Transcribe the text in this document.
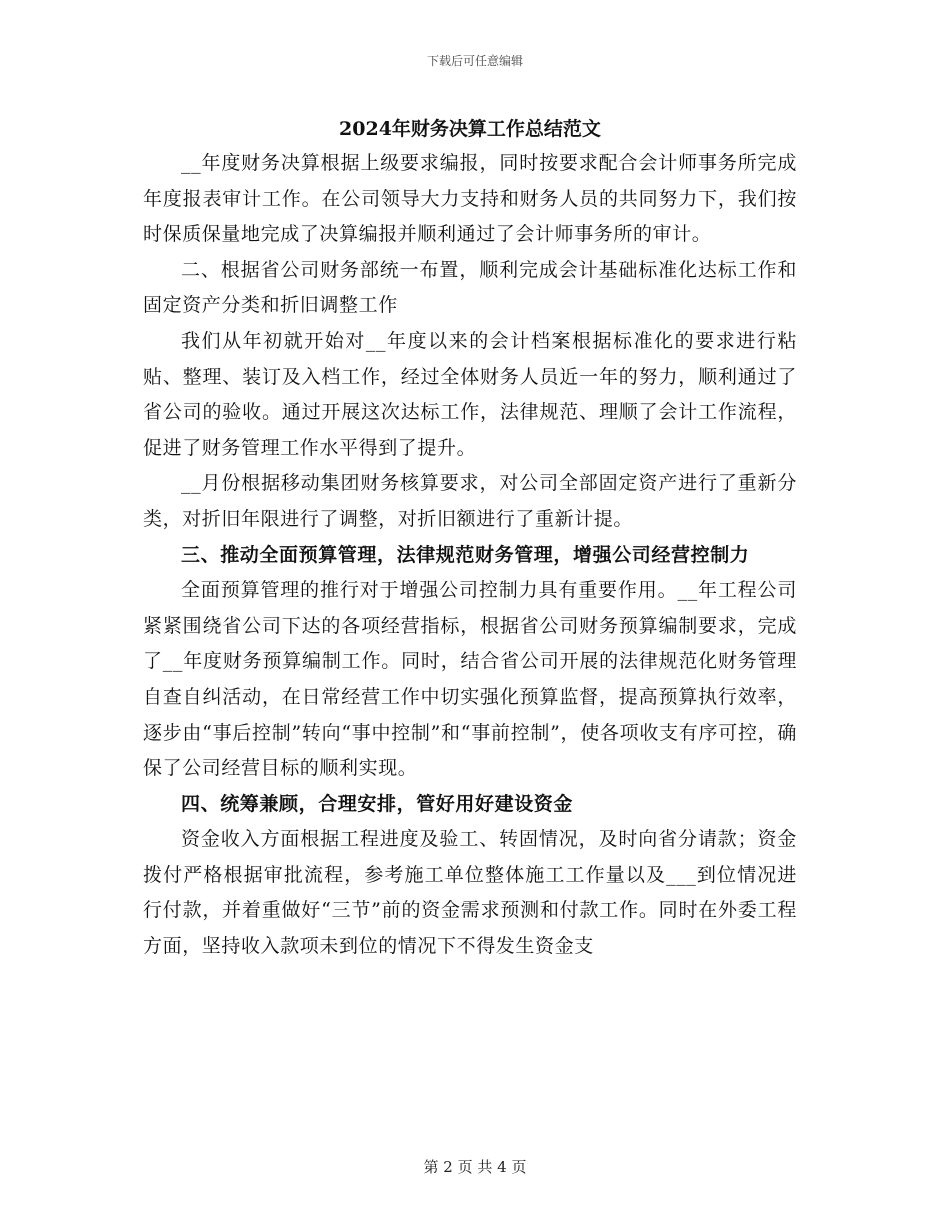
下载后可任意编辑
2024年财务决算工作总结范文

__年度财务决算根据上级要求编报，同时按要求配合会计师事务所完成年度报表审计工作。在公司领导大力支持和财务人员的共同努力下，我们按时保质保量地完成了决算编报并顺利通过了会计师事务所的审计。

二、根据省公司财务部统一布置，顺利完成会计基础标准化达标工作和固定资产分类和折旧调整工作

我们从年初就开始对__年度以来的会计档案根据标准化的要求进行粘贴、整理、装订及入档工作，经过全体财务人员近一年的努力，顺利通过了省公司的验收。通过开展这次达标工作，法律规范、理顺了会计工作流程，促进了财务管理工作水平得到了提升。

__月份根据移动集团财务核算要求，对公司全部固定资产进行了重新分类，对折旧年限进行了调整，对折旧额进行了重新计提。

三、推动全面预算管理，法律规范财务管理，增强公司经营控制力

全面预算管理的推行对于增强公司控制力具有重要作用。__年工程公司紧紧围绕省公司下达的各项经营指标，根据省公司财务预算编制要求，完成了__年度财务预算编制工作。同时，结合省公司开展的法律规范化财务管理自查自纠活动，在日常经营工作中切实强化预算监督，提高预算执行效率，逐步由“事后控制”转向“事中控制”和“事前控制”，使各项收支有序可控，确保了公司经营目标的顺利实现。

四、统筹兼顾，合理安排，管好用好建设资金

资金收入方面根据工程进度及验工、转固情况，及时向省分请款；资金拨付严格根据审批流程，参考施工单位整体施工工作量以及___到位情况进行付款，并着重做好“三节”前的资金需求预测和付款工作。同时在外委工程方面，坚持收入款项未到位的情况下不得发生资金支

第 2 页 共 4 页
